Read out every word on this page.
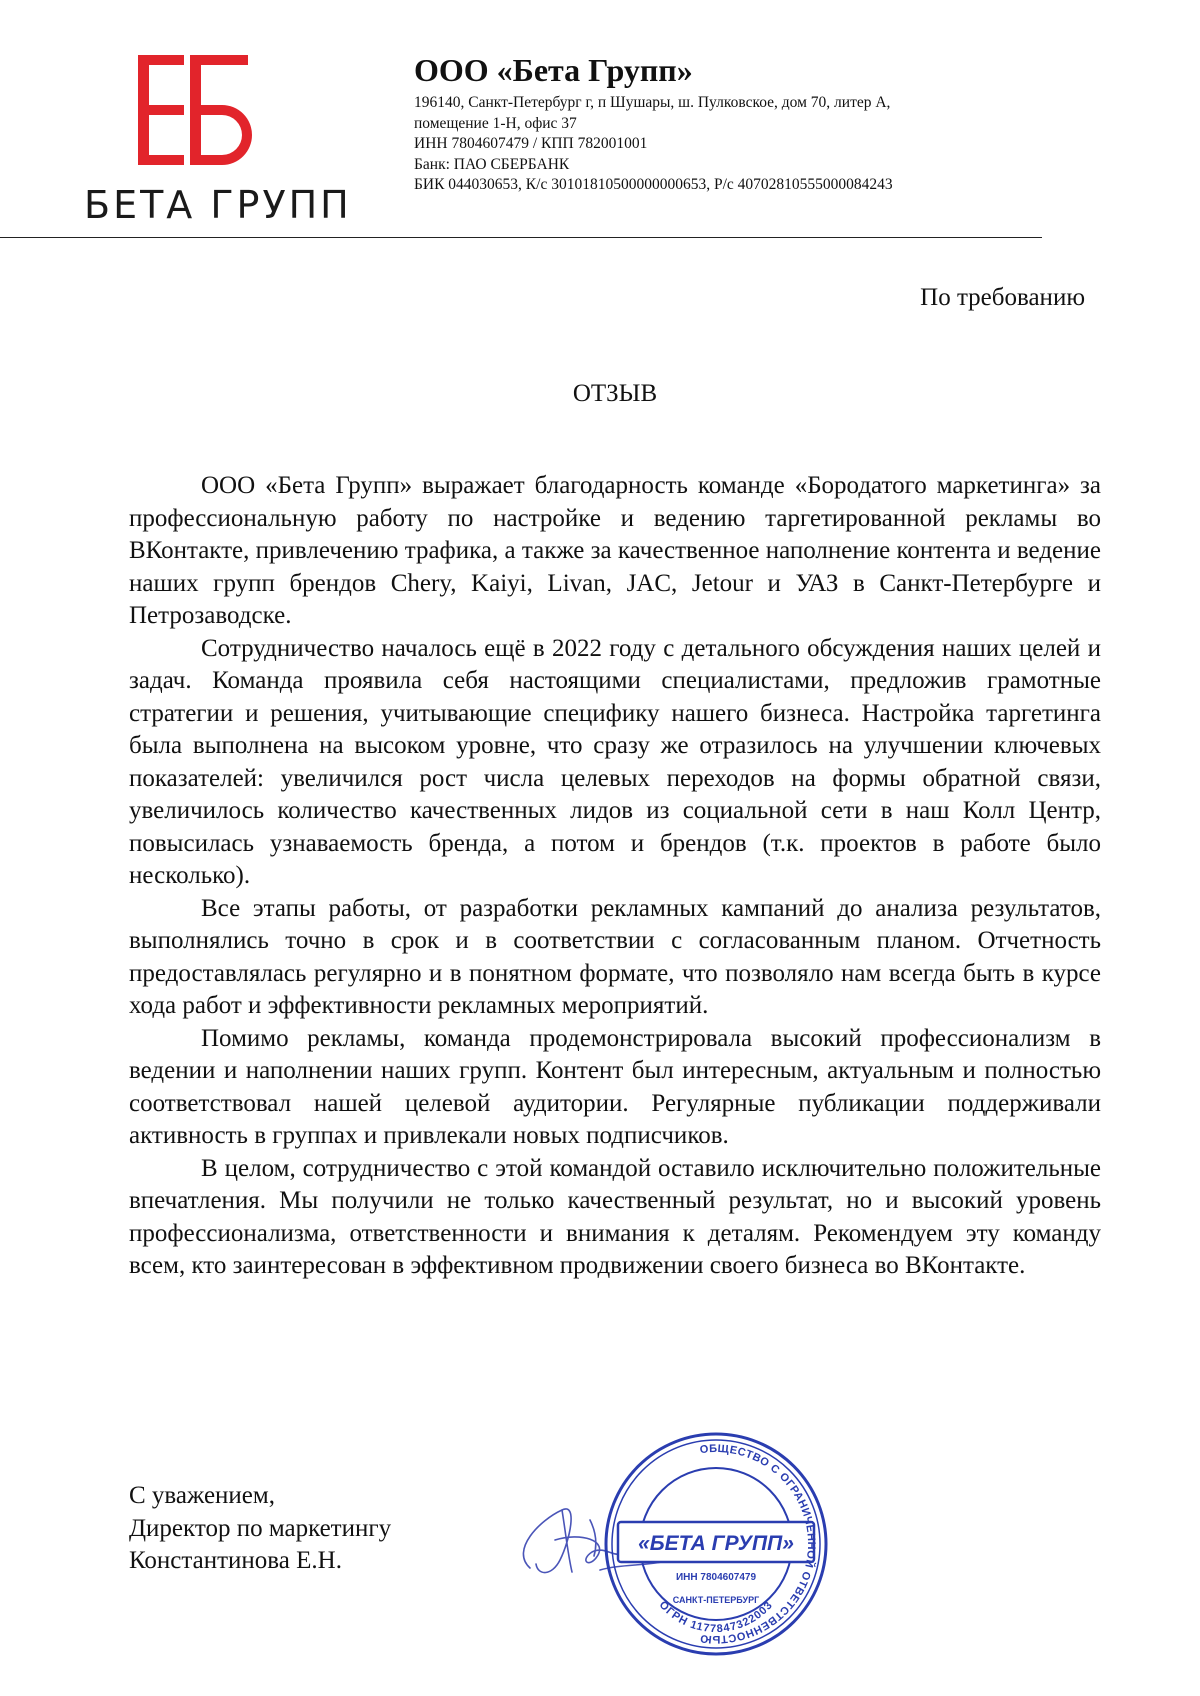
БЕТА ГРУПП
ООО «Бета Групп»
196140, Санкт-Петербург г, п Шушары, ш. Пулковское, дом 70, литер А,
помещение 1-Н, офис 37
ИНН 7804607479 / КПП 782001001
Банк: ПАО СБЕРБАНК
БИК 044030653, К/с 30101810500000000653, Р/с 40702810555000084243
По требованию
ОТЗЫВ

ООО «Бета Групп» выражает благодарность команде «Бородатого маркетинга» за профессиональную работу по настройке и ведению таргетированной рекламы во ВКонтакте, привлечению трафика, а также за качественное наполнение контента и ведение наших групп брендов Chery, Kaiyi, Livan, JAC, Jetour и УАЗ в Санкт-Петербурге и Петрозаводске.

Сотрудничество началось ещё в 2022 году с детального обсуждения наших целей и задач. Команда проявила себя настоящими специалистами, предложив грамотные стратегии и решения, учитывающие специфику нашего бизнеса. Настройка таргетинга была выполнена на высоком уровне, что сразу же отразилось на улучшении ключевых показателей: увеличился рост числа целевых переходов на формы обратной связи, увеличилось количество качественных лидов из социальной сети в наш Колл Центр, повысилась узнаваемость бренда, а потом и брендов (т.к. проектов в работе было несколько).

Все этапы работы, от разработки рекламных кампаний до анализа результатов, выполнялись точно в срок и в соответствии с согласованным планом. Отчетность предоставлялась регулярно и в понятном формате, что позволяло нам всегда быть в курсе хода работ и эффективности рекламных мероприятий.

Помимо рекламы, команда продемонстрировала высокий профессионализм в ведении и наполнении наших групп. Контент был интересным, актуальным и полностью соответствовал нашей целевой аудитории. Регулярные публикации поддерживали активность в группах и привлекали новых подписчиков.

В целом, сотрудничество с этой командой оставило исключительно положительные впечатления. Мы получили не только качественный результат, но и высокий уровень профессионализма, ответственности и внимания к деталям. Рекомендуем эту команду всем, кто заинтересован в эффективном продвижении своего бизнеса во ВКонтакте.

С уважением,
Директор по маркетингу
Константинова Е.Н.
ОБЩЕСТВО С ОГРАНИЧЕННОЙ ОТВЕТСТВЕННОСТЬЮ
«БЕТА ГРУПП»
ИНН 7804607479
САНКТ-ПЕТЕРБУРГ
ОГРН 1177847322003
